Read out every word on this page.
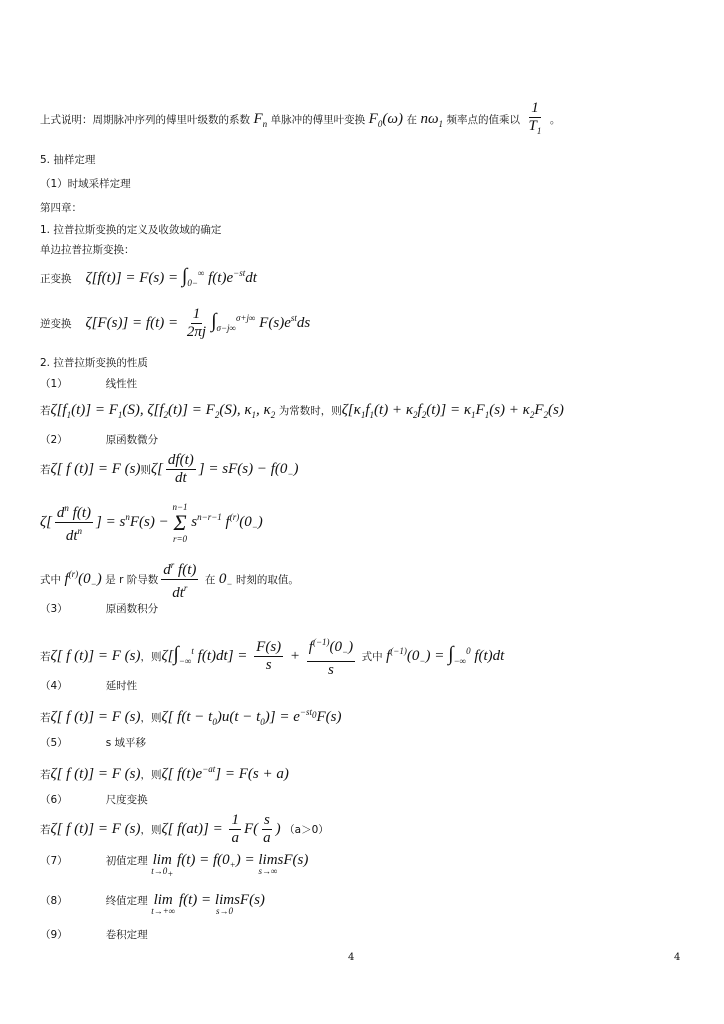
上式说明：周期脉冲序列的傅里叶级数的系数 $F_n$ 单脉冲的傅里叶变换 $F_0(\omega)$ 在 $n\omega_1$ 频率点的值乘以 $\frac{1}{T_1}$ 。
5. 抽样定理
（1）时域采样定理
第四章：
1. 拉普拉斯变换的定义及收敛域的确定
单边拉普拉斯变换：
正变换 $\zeta[f(t)] = F(s) = \int_{0-}^\infty$ $f(t)e^{-st}dt$
逆变换 $\zeta[F(s)] = f(t) = \frac{1}{2\pi j} \int_{\sigma-j\infty}^{\sigma+j\infty}$ $F(s)e^{st}ds$
2. 拉普拉斯变换的性质
（1）	线性性
若$\zeta[f_1(t)] = F_1(S)$, $\zeta[f_2(t)] = F_2(S)$, $\kappa_1$, $\kappa_2$ 为常数时，则$\zeta[\kappa_1f_1(t) + \kappa_2f_2(t)] = \kappa_1F_1(s) + \kappa_2F_2(s)$
（2）	原函数微分
若ζ[ f (t)] = F (s)则$\zeta[ \frac{df(t)}{dt}$ ] = $sF(s) - f(0_-)$
$\zeta[ \frac{d^n f(t)}{dt^n}$ ] = $s^nF(s)$ −
n−1
Σ
r=0
$s^{n-r-1}$ $f^{(r)}(0_-)$
式中 $f^{(r)}(0_-)$ 是 r 阶导数 $\frac{d^r f(t)}{dt^r}$ 在 $0_-$ 时刻的取值。
（3）	原函数积分
若ζ[ f (t)] = F (s)，则$\zeta[\int_{-\infty}^t$ $f(t)dt] = \frac{F(s)}{s} + \frac{f^{(-1)}(0_-)}{s}$ 式中 $f^{(-1)}(0_-) = \int_{-\infty}^0$ f(t)dt
（4）	延时性
若ζ[ f (t)] = F (s)，则ζ[ $f(t - t_0)u(t - t_0)] = e^{-st_0}F(s)$
（5）	s 域平移
若ζ[ f (t)] = F (s)，则ζ[ $f(t)e^{-at}] = F(s + a)$
（6）	尺度变换
若ζ[ f (t)] = F (s)，则ζ[ $f(at)] = \frac{1}{a} F( \frac{s}{a}$ ) （a＞0）
（7）	初值定理 lim
$t\to 0_+$
$f(t) = f(0_+) = \lim$
s→∞
sF(s)
（8）	终值定理 lim
t→+∞
f(t) = lim
s→0
sF(s)
（9）	卷积定理
4	4
